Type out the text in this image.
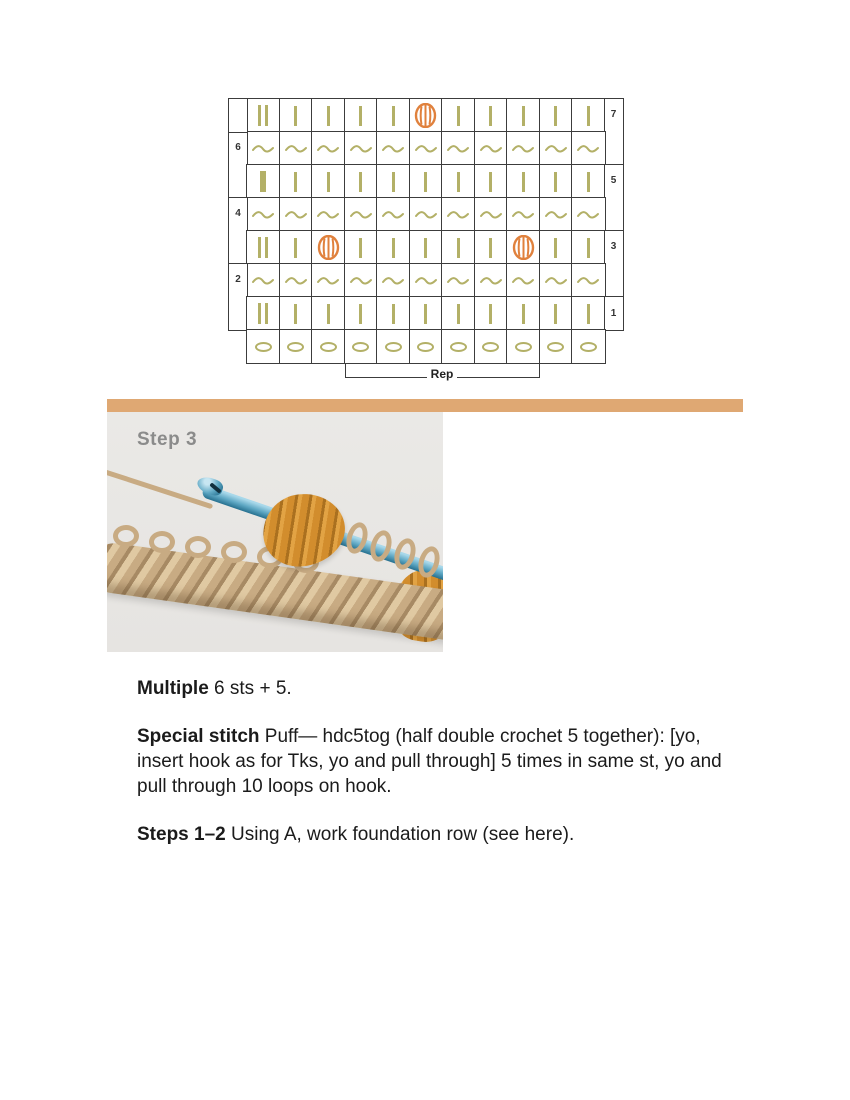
7
6
5
4
3
2
1
Rep
Step 3

Multiple 6 sts + 5.

Special stitch Puff— hdc5tog (half double crochet 5 together): [yo, insert hook as for Tks, yo and pull through] 5 times in same st, yo and pull through 10 loops on hook.

Steps 1–2 Using A, work foundation row (see here).
